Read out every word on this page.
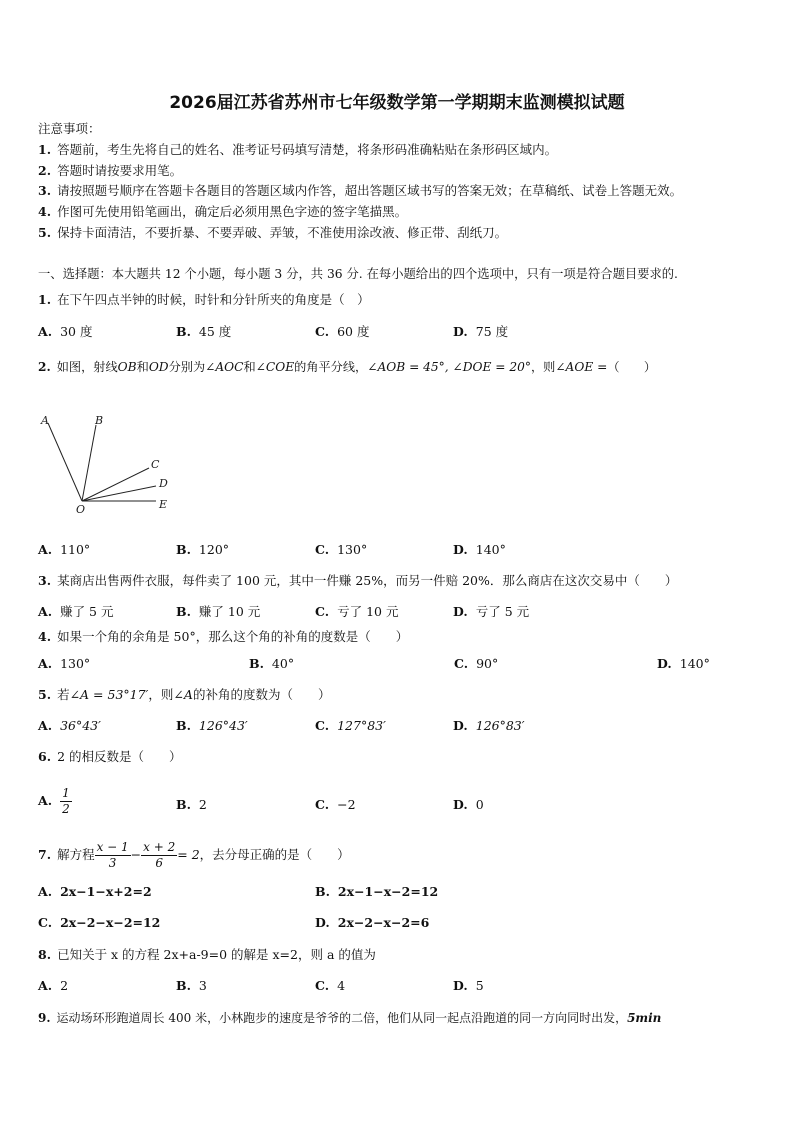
2026届江苏省苏州市七年级数学第一学期期末监测模拟试题
注意事项：
1. 答题前，考生先将自己的姓名、准考证号码填写清楚，将条形码准确粘贴在条形码区域内。
2. 答题时请按要求用笔。
3. 请按照题号顺序在答题卡各题目的答题区域内作答，超出答题区域书写的答案无效；在草稿纸、试卷上答题无效。
4. 作图可先使用铅笔画出，确定后必须用黑色字迹的签字笔描黑。
5. 保持卡面清洁，不要折暴、不要弄破、弄皱，不准使用涂改液、修正带、刮纸刀。
一、选择题：本大题共 12 个小题，每小题 3 分，共 36 分. 在每小题给出的四个选项中，只有一项是符合题目要求的.
1. 在下午四点半钟的时候，时针和分针所夹的角度是（　）
A. 30 度	B. 45 度	C. 60 度	D. 75 度
2. 如图，射线OB和OD分别为∠AOC和∠COE的角平分线，∠AOB = 45°, ∠DOE = 20°，则∠AOE =（　　）
A	B
C
D
O	E
A. 110°	B. 120°	C. 130°	D. 140°
3. 某商店出售两件衣服，每件卖了 100 元，其中一件赚 25%，而另一件赔 20%．那么商店在这次交易中（　　）
A. 赚了 5 元	B. 赚了 10 元	C. 亏了 10 元	D. 亏了 5 元
4. 如果一个角的余角是 50°，那么这个角的补角的度数是（　　）
A. 130°	B. 40°	C. 90°	D. 140°
5. 若∠A = 53°17′，则∠A的补角的度数为（　　）
A. 36°43′	B. 126°43′	C. 127°83′	D. 126°83′
6. 2 的相反数是（　　）
A. $\frac{1}{2}$	B. 2	C. −2	D. 0
7. 解方程 $\frac{x - 1}{3} - \frac{x + 2}{6} = 2$，去分母正确的是（　　）
A. 2x−1−x+2=2	B. 2x−1−x−2=12
C. 2x−2−x−2=12	D. 2x−2−x−2=6
8. 已知关于 x 的方程 2x+a-9=0 的解是 x=2，则 a 的值为
A. 2	B. 3	C. 4	D. 5
9. 运动场环形跑道周长 400 米，小林跑步的速度是爷爷的二倍，他们从同一起点沿跑道的同一方向同时出发，5min
